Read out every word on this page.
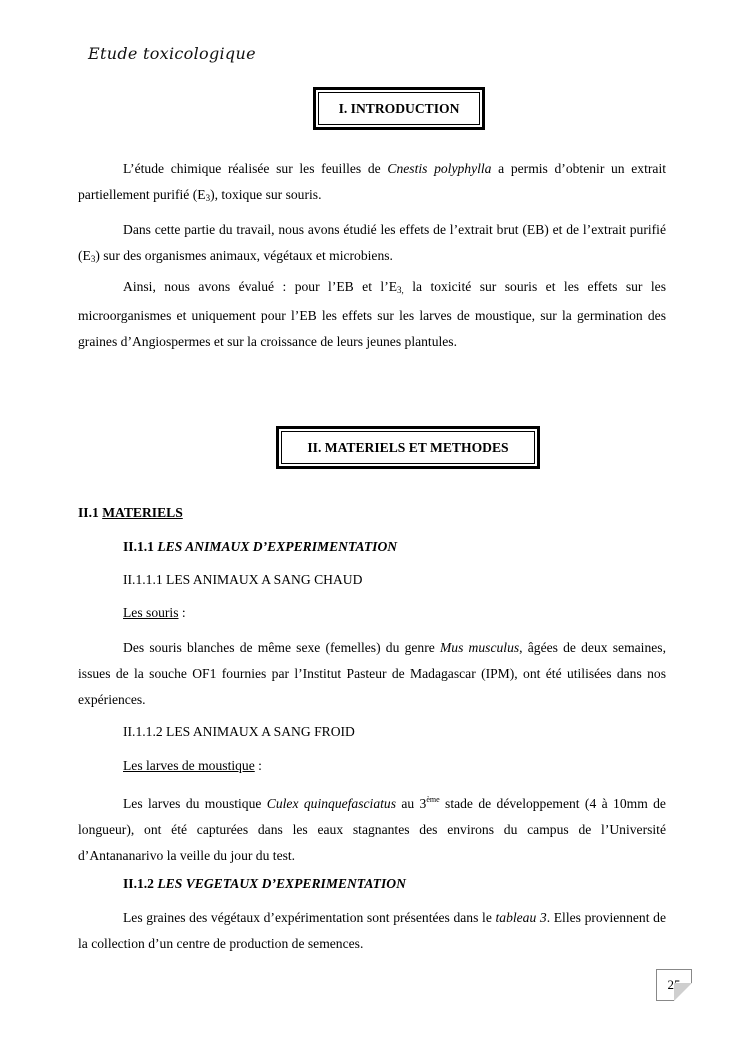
Etude toxicologique
I. INTRODUCTION
L’étude chimique réalisée sur les feuilles de Cnestis polyphylla a permis d’obtenir un extrait partiellement purifié $(E_3)$, toxique sur souris.
Dans cette partie du travail, nous avons étudié les effets de l’extrait brut (EB) et de l’extrait purifié $(E_3)$ sur des organismes animaux, végétaux et microbiens.
Ainsi, nous avons évalué : pour l’EB et $l’E_{3,}$ la toxicité sur souris et les effets sur les microorganismes et uniquement pour l’EB les effets sur les larves de moustique, sur la germination des graines d’Angiospermes et sur la croissance de leurs jeunes plantules.
II. MATERIELS ET METHODES
II.1 MATERIELS
II.1.1 LES ANIMAUX D’EXPERIMENTATION
II.1.1.1 LES ANIMAUX A SANG CHAUD
Les souris :
Des souris blanches de même sexe (femelles) du genre Mus musculus, âgées de deux semaines, issues de la souche OF1 fournies par l’Institut Pasteur de Madagascar (IPM), ont été utilisées dans nos expériences.
II.1.1.2 LES ANIMAUX A SANG FROID
Les larves de moustique :
Les larves du moustique Culex quinquefasciatus au 3ème stade de développement (4 à 10mm de longueur), ont été capturées dans les eaux stagnantes des environs du campus de l’Université d’Antananarivo la veille du jour du test.
II.1.2 LES VEGETAUX D’EXPERIMENTATION
Les graines des végétaux d’expérimentation sont présentées dans le tableau 3. Elles proviennent de la collection d’un centre de production de semences.
25
